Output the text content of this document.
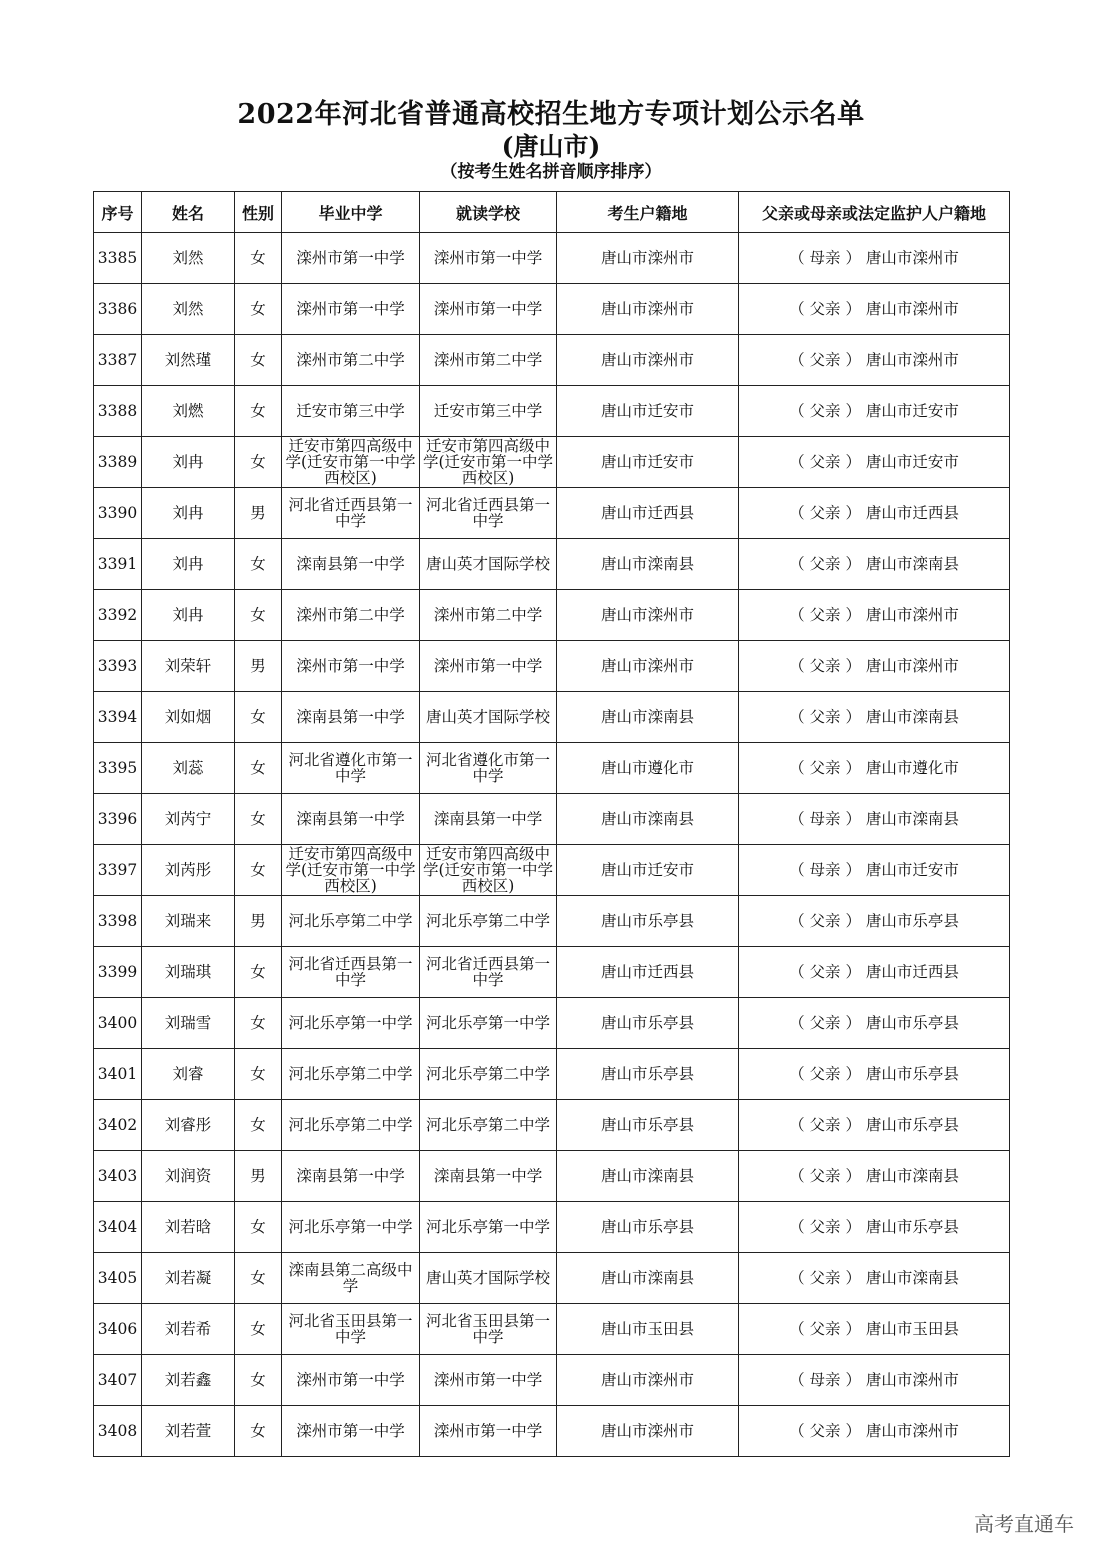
2022年河北省普通高校招生地方专项计划公示名单
(唐山市)
（按考生姓名拼音顺序排序）
序号	姓名	性别	毕业中学	就读学校	考生户籍地	父亲或母亲或法定监护人户籍地
3385	刘然	女	滦州市第一中学	滦州市第一中学	唐山市滦州市	（ 母亲 ） 唐山市滦州市
3386	刘然	女	滦州市第一中学	滦州市第一中学	唐山市滦州市	（ 父亲 ） 唐山市滦州市
3387	刘然瑾	女	滦州市第二中学	滦州市第二中学	唐山市滦州市	（ 父亲 ） 唐山市滦州市
3388	刘燃	女	迁安市第三中学	迁安市第三中学	唐山市迁安市	（ 父亲 ） 唐山市迁安市
3389	刘冉	女	迁安市第四高级中学(迁安市第一中学西校区)	迁安市第四高级中学(迁安市第一中学西校区)	唐山市迁安市	（ 父亲 ） 唐山市迁安市
3390	刘冉	男	河北省迁西县第一中学	河北省迁西县第一中学	唐山市迁西县	（ 父亲 ） 唐山市迁西县
3391	刘冉	女	滦南县第一中学	唐山英才国际学校	唐山市滦南县	（ 父亲 ） 唐山市滦南县
3392	刘冉	女	滦州市第二中学	滦州市第二中学	唐山市滦州市	（ 父亲 ） 唐山市滦州市
3393	刘荣轩	男	滦州市第一中学	滦州市第一中学	唐山市滦州市	（ 父亲 ） 唐山市滦州市
3394	刘如烟	女	滦南县第一中学	唐山英才国际学校	唐山市滦南县	（ 父亲 ） 唐山市滦南县
3395	刘蕊	女	河北省遵化市第一中学	河北省遵化市第一中学	唐山市遵化市	（ 父亲 ） 唐山市遵化市
3396	刘芮宁	女	滦南县第一中学	滦南县第一中学	唐山市滦南县	（ 母亲 ） 唐山市滦南县
3397	刘芮彤	女	迁安市第四高级中学(迁安市第一中学西校区)	迁安市第四高级中学(迁安市第一中学西校区)	唐山市迁安市	（ 母亲 ） 唐山市迁安市
3398	刘瑞来	男	河北乐亭第二中学	河北乐亭第二中学	唐山市乐亭县	（ 父亲 ） 唐山市乐亭县
3399	刘瑞琪	女	河北省迁西县第一中学	河北省迁西县第一中学	唐山市迁西县	（ 父亲 ） 唐山市迁西县
3400	刘瑞雪	女	河北乐亭第一中学	河北乐亭第一中学	唐山市乐亭县	（ 父亲 ） 唐山市乐亭县
3401	刘睿	女	河北乐亭第二中学	河北乐亭第二中学	唐山市乐亭县	（ 父亲 ） 唐山市乐亭县
3402	刘睿彤	女	河北乐亭第二中学	河北乐亭第二中学	唐山市乐亭县	（ 父亲 ） 唐山市乐亭县
3403	刘润资	男	滦南县第一中学	滦南县第一中学	唐山市滦南县	（ 父亲 ） 唐山市滦南县
3404	刘若晗	女	河北乐亭第一中学	河北乐亭第一中学	唐山市乐亭县	（ 父亲 ） 唐山市乐亭县
3405	刘若凝	女	滦南县第二高级中学	唐山英才国际学校	唐山市滦南县	（ 父亲 ） 唐山市滦南县
3406	刘若希	女	河北省玉田县第一中学	河北省玉田县第一中学	唐山市玉田县	（ 父亲 ） 唐山市玉田县
3407	刘若鑫	女	滦州市第一中学	滦州市第一中学	唐山市滦州市	（ 母亲 ） 唐山市滦州市
3408	刘若萱	女	滦州市第一中学	滦州市第一中学	唐山市滦州市	（ 父亲 ） 唐山市滦州市
高考直通车
